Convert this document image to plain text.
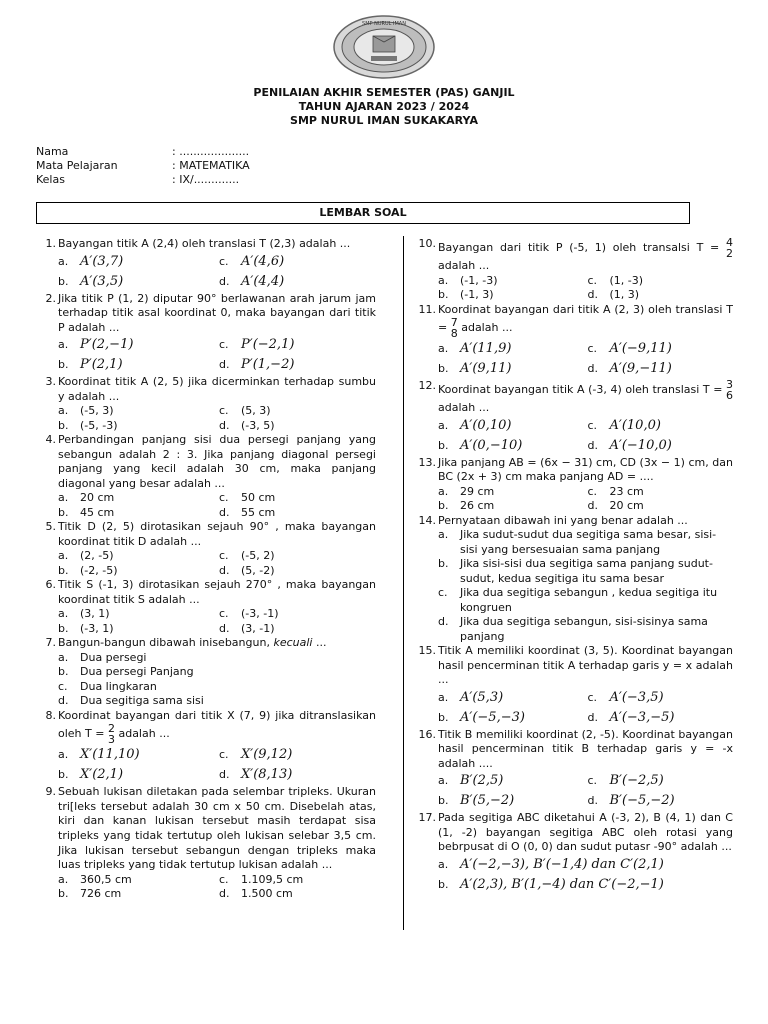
SMP NURUL IMAN
PENILAIAN AKHIR SEMESTER (PAS) GANJIL
TAHUN AJARAN 2023 / 2024
SMP NURUL IMAN SUKAKARYA
Nama	: ....................
Mata Pelajaran	: MATEMATIKA
Kelas	: IX/.............
LEMBAR SOAL
1. Bayangan titik A (2,4) oleh translasi T (2,3) adalah ...
a. A′(3,7)	c. A′(4,6)
b. A′(3,5)	d. A′(4,4)
2. Jika titik P (1, 2) diputar 90° berlawanan arah jarum jam terhadap titik asal koordinat 0, maka bayangan dari titik P adalah ...
a. P′(2,−1)	c. P′(−2,1)
b. P′(2,1)	d. P′(1,−2)
3. Koordinat titik A (2, 5) jika dicerminkan terhadap sumbu y adalah ...
a.	(-5, 3)	c.	(5, 3)
b.	(-5, -3)	d.	(-3, 5)
4. Perbandingan panjang sisi dua persegi panjang yang sebangun adalah 2 : 3. Jika panjang diagonal persegi panjang yang kecil adalah 30 cm, maka panjang diagonal yang besar adalah ...
a.	20 cm	c.	50 cm
b.	45 cm	d.	55 cm
5. Titik D (2, 5) dirotasikan sejauh 90° , maka bayangan koordinat titik D adalah ...
a.	(2, -5)	c.	(-5, 2)
b.	(-2, -5)	d.	(5, -2)
6. Titik S (-1, 3) dirotasikan sejauh 270° , maka bayangan koordinat titik S adalah ...
a.	(3, 1)	c.	(-3, -1)
b.	(-3, 1)	d.	(3, -1)
7. Bangun-bangun dibawah inisebangun, kecuali ...
a.	Dua persegi
b.	Dua persegi Panjang
c.	Dua lingkaran
d.	Dua segitiga sama sisi
8. Koordinat bayangan dari titik X (7, 9) jika ditranslasikan oleh T = 2
3 adalah ...
a. X′(11,10)	c. X′(9,12)
b. X′(2,1)	d. X′(8,13)
9. Sebuah lukisan diletakan pada selembar tripleks. Ukuran tri[leks tersebut adalah 30 cm x 50 cm. Disebelah atas, kiri dan kanan lukisan tersebut masih terdapat sisa tripleks yang tidak tertutup oleh lukisan selebar 3,5 cm. Jika lukisan tersebut sebangun dengan tripleks maka luas tripleks yang tidak tertutup lukisan adalah ...
a.	360,5 cm	c.	1.109,5 cm
b.	726 cm	d.	1.500 cm
10. Bayangan dari titik P (-5, 1) oleh transalsi T = 4
2
adalah ...
a.	(-1, -3)	c.	(1, -3)
b.	(-1, 3)	d.	(1, 3)
11. Koordinat bayangan dari titik A (2, 3) oleh translasi T = 7
8 adalah ...
a. A′(11,9)	c. A′(−9,11)
b. A′(9,11)	d. A′(9,−11)
12. Koordinat bayangan titik A (-3, 4) oleh translasi T = 3
6
adalah ...
a. A′(0,10)	c. A′(10,0)
b. A′(0,−10)	d. A′(−10,0)
13. Jika panjang AB = (6x − 31) cm, CD (3x − 1) cm, dan BC (2x + 3) cm maka panjang AD = ....
a.	29 cm	c.	23 cm
b.	26 cm	d.	20 cm
14. Pernyataan dibawah ini yang benar adalah ...
a.	Jika sudut-sudut dua segitiga sama besar, sisi-sisi yang bersesuaian sama panjang
b.	Jika sisi-sisi dua segitiga sama panjang sudut-sudut, kedua segitiga itu sama besar
c.	Jika dua segitiga sebangun , kedua segitiga itu kongruen
d.	Jika dua segitiga sebangun, sisi-sisinya sama panjang
15. Titik A memiliki koordinat (3, 5). Koordinat bayangan hasil pencerminan titik A terhadap garis y = x adalah ...
a. A′(5,3)	c. A′(−3,5)
b. A′(−5,−3)	d. A′(−3,−5)
16. Titik B memiliki koordinat (2, -5). Koordinat bayangan hasil pencerminan titik B terhadap garis y = -x adalah ....
a. B′(2,5)	c. B′(−2,5)
b. B′(5,−2)	d. B′(−5,−2)
17. Pada segitiga ABC diketahui A (-3, 2), B (4, 1) dan C (1, -2) bayangan segitiga ABC oleh rotasi yang bebrpusat di O (0, 0) dan sudut putasr -90° adalah ...
a. A′(−2,−3), B′(−1,4) dan C′(2,1)
b. A′(2,3), B′(1,−4) dan C′(−2,−1)
